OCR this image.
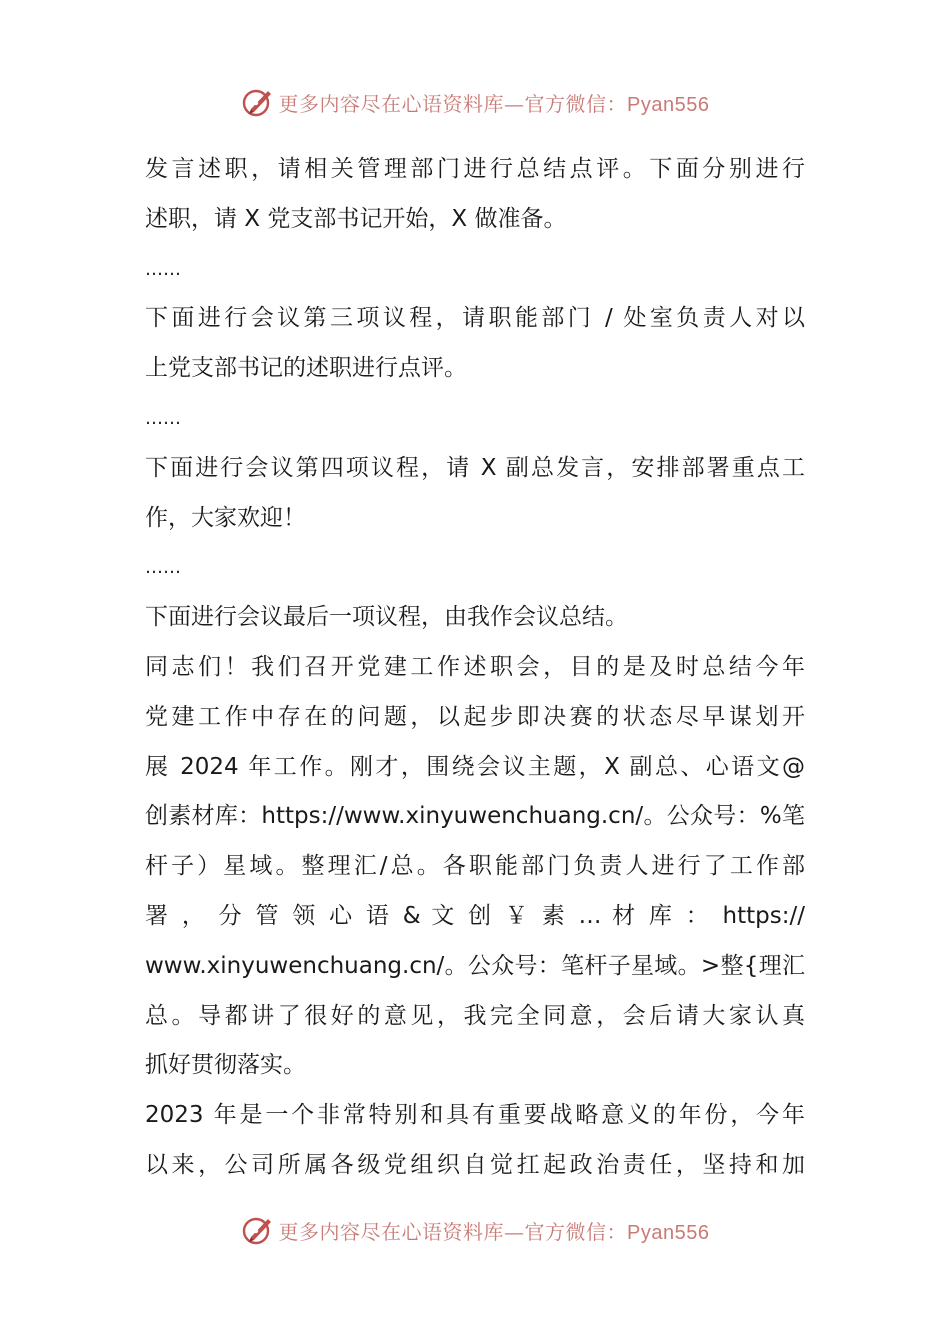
更多内容尽在心语资料库—官方微信：Pyan556
发言述职，请相关管理部门进行总结点评。下面分别进行
述职，请 X 党支部书记开始，X 做准备。
……
下面进行会议第三项议程，请职能部门 / 处室负责人对以
上党支部书记的述职进行点评。
……
下面进行会议第四项议程，请 X 副总发言，安排部署重点工
作，大家欢迎！
……
下面进行会议最后一项议程，由我作会议总结。
同志们！我们召开党建工作述职会，目的是及时总结今年
党建工作中存在的问题，以起步即决赛的状态尽早谋划开
展 2024 年工作。刚才，围绕会议主题，X 副总、心语文@
创素材库：https://www.xinyuwenchuang.cn/。公众号：%笔
杆子）星域。整理汇/总。各职能部门负责人进行了工作部
署 ， 分 管 领 心 语 & 文 创 ￥ 素 … 材 库 ： https://
www.xinyuwenchuang.cn/。公众号：笔杆子星域。>整{理汇
总。导都讲了很好的意见，我完全同意，会后请大家认真
抓好贯彻落实。
2023 年是一个非常特别和具有重要战略意义的年份，今年
以来，公司所属各级党组织自觉扛起政治责任，坚持和加
更多内容尽在心语资料库—官方微信：Pyan556
